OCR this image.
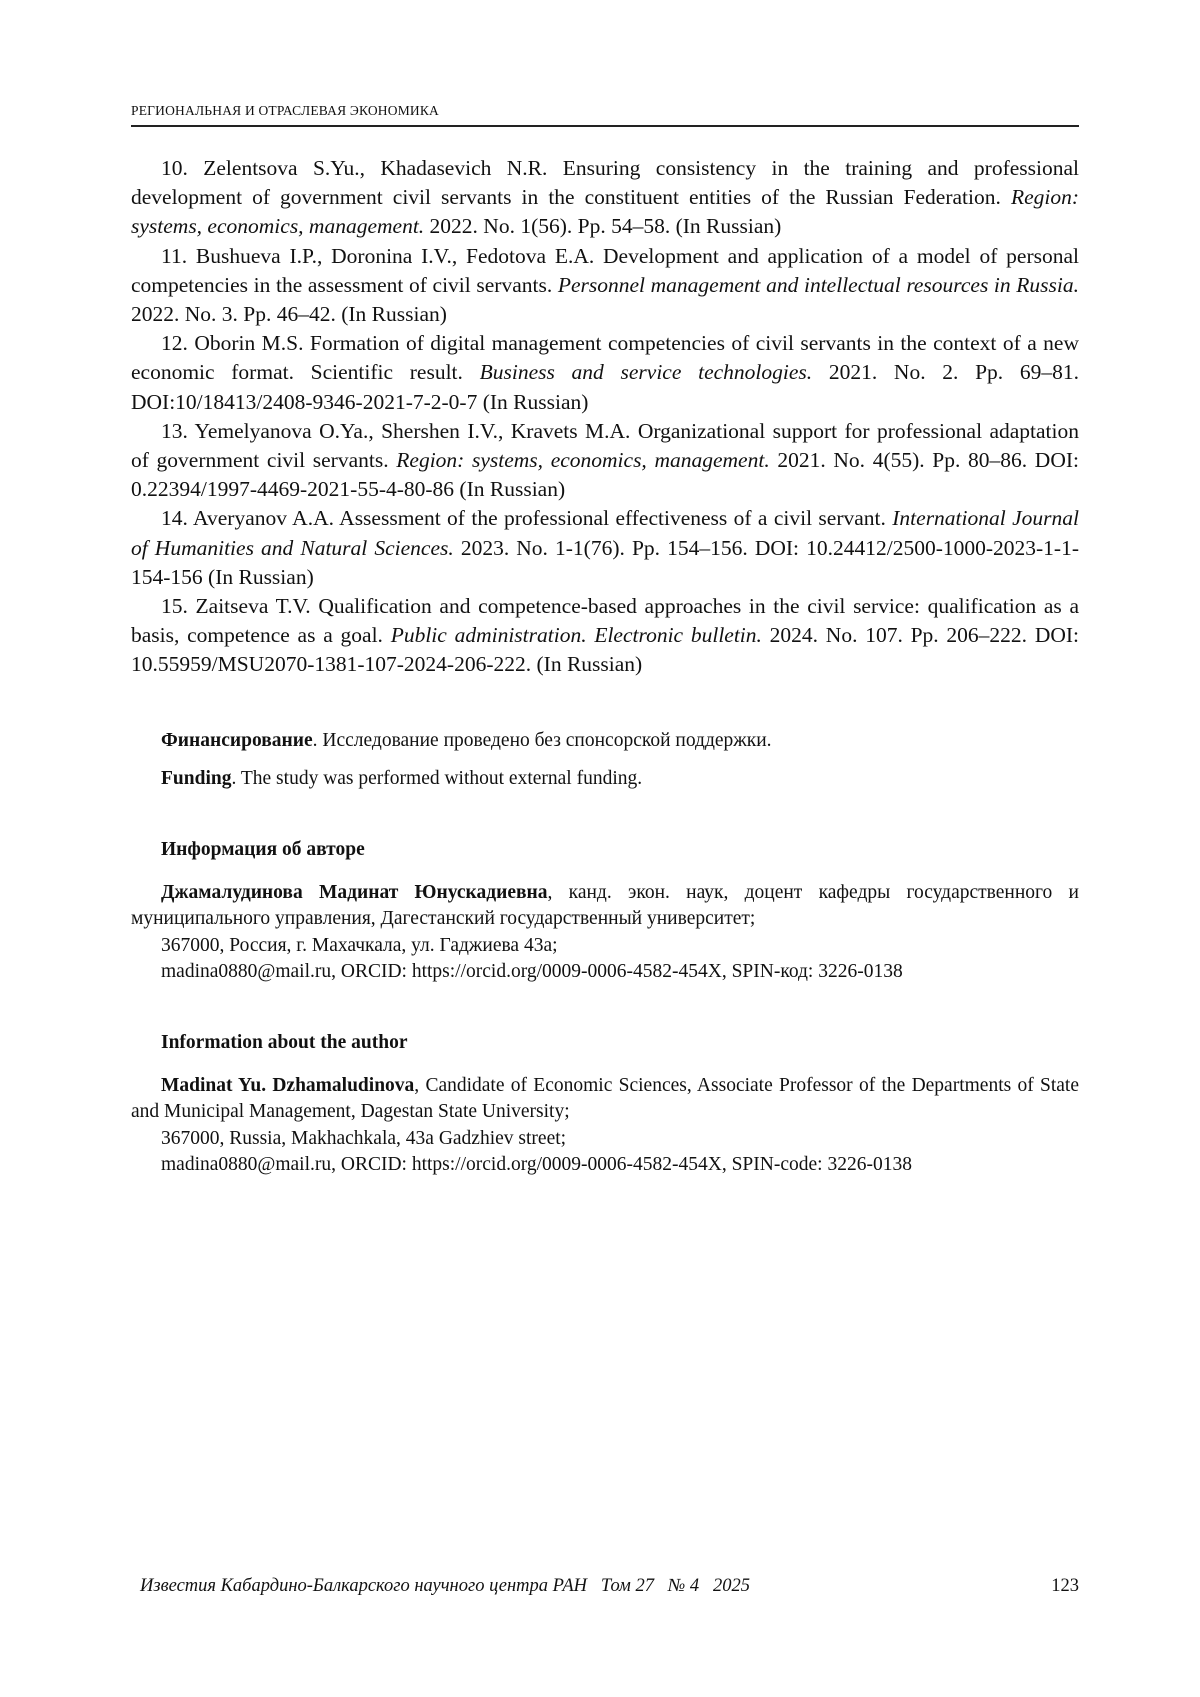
РЕГИОНАЛЬНАЯ И ОТРАСЛЕВАЯ ЭКОНОМИКА

10. Zelentsova S.Yu., Khadasevich N.R. Ensuring consistency in the training and professional development of government civil servants in the constituent entities of the Russian Federation. Region: systems, economics, management. 2022. No. 1(56). Pp. 54–58. (In Russian)

11. Bushueva I.P., Doronina I.V., Fedotova E.A. Development and application of a model of personal competencies in the assessment of civil servants. Personnel management and intellectual resources in Russia. 2022. No. 3. Pp. 46–42. (In Russian)

12. Oborin M.S. Formation of digital management competencies of civil servants in the context of a new economic format. Scientific result. Business and service technologies. 2021. No. 2. Pp. 69–81. DOI:10/18413/2408-9346-2021-7-2-0-7 (In Russian)

13. Yemelyanova O.Ya., Shershen I.V., Kravets M.A. Organizational support for professional adaptation of government civil servants. Region: systems, economics, management. 2021. No. 4(55). Pp. 80–86. DOI: 0.22394/1997-4469-2021-55-4-80-86 (In Russian)

14. Averyanov A.A. Assessment of the professional effectiveness of a civil servant. International Journal of Humanities and Natural Sciences. 2023. No. 1-1(76). Pp. 154–156. DOI: 10.24412/2500-1000-2023-1-1-154-156 (In Russian)

15. Zaitseva T.V. Qualification and competence-based approaches in the civil service: qualification as a basis, competence as a goal. Public administration. Electronic bulletin. 2024. No. 107. Pp. 206–222. DOI: 10.55959/MSU2070-1381-107-2024-206-222. (In Russian)

Финансирование. Исследование проведено без спонсорской поддержки.

Funding. The study was performed without external funding.

Информация об авторе

Джамалудинова Мадинат Юнускадиевна, канд. экон. наук, доцент кафедры государственного и муниципального управления, Дагестанский государственный университет;

367000, Россия, г. Махачкала, ул. Гаджиева 43а;

madina0880@mail.ru, ORCID: https://orcid.org/0009-0006-4582-454X, SPIN-код: 3226-0138

Information about the author

Madinat Yu. Dzhamaludinova, Candidate of Economic Sciences, Associate Professor of the Departments of State and Municipal Management, Dagestan State University;

367000, Russia, Makhachkala, 43a Gadzhiev street;

madina0880@mail.ru, ORCID: https://orcid.org/0009-0006-4582-454X, SPIN-code: 3226-0138

Известия Кабардино-Балкарского научного центра РАН   Том 27   № 4   2025	123
